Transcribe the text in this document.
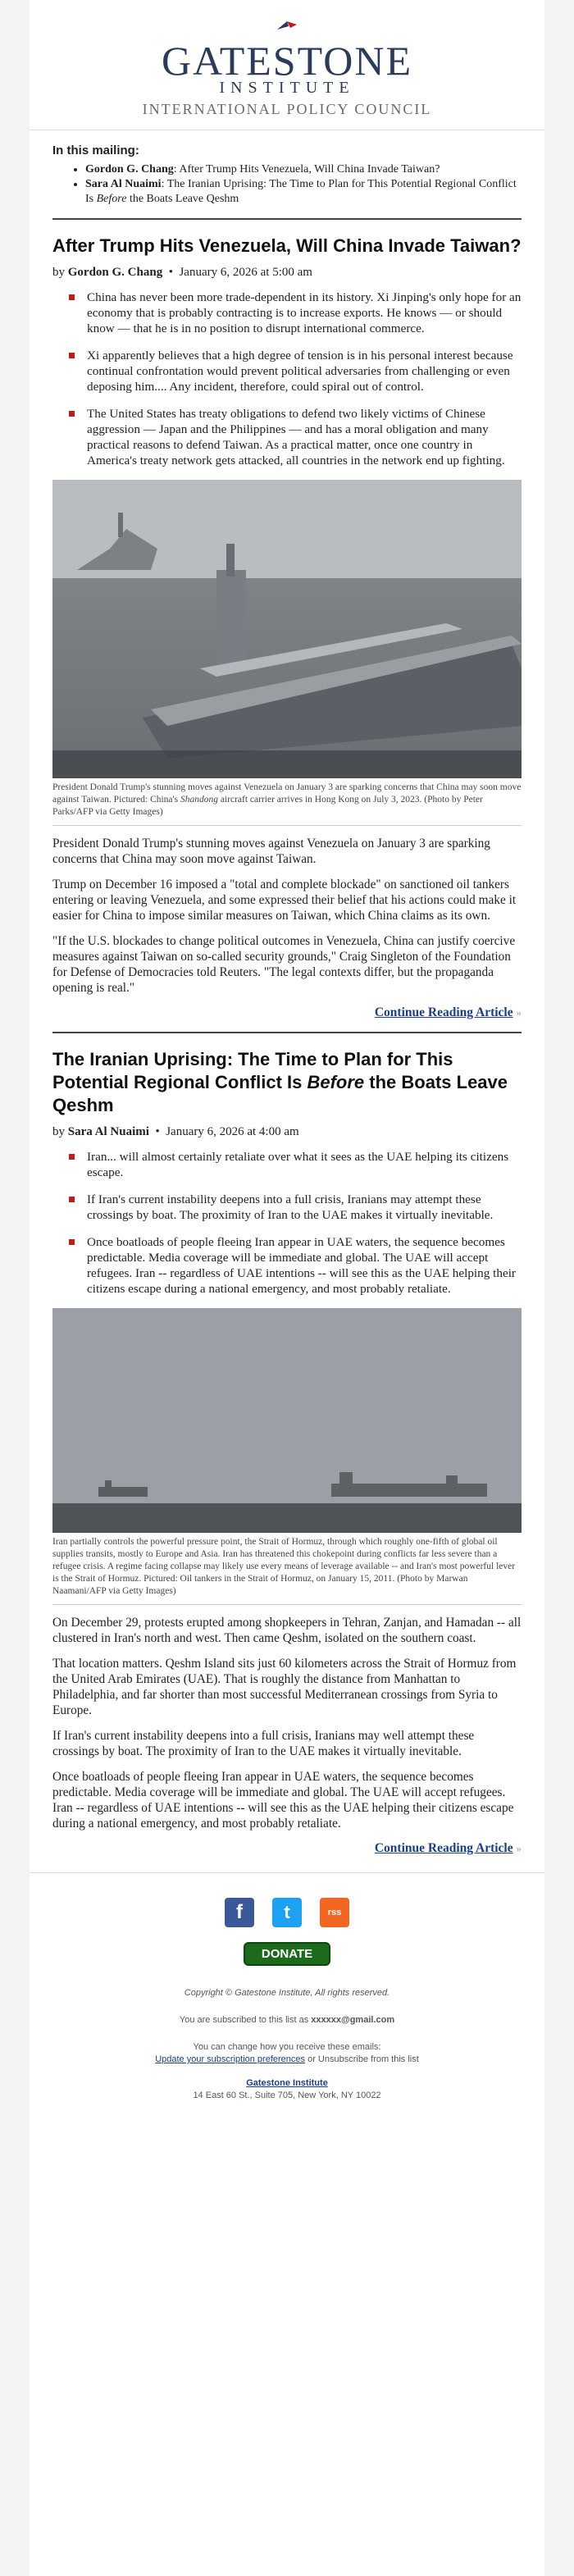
GATESTONE
INSTITUTE
INTERNATIONAL POLICY COUNCIL
In this mailing:
• Gordon G. Chang: After Trump Hits Venezuela, Will China Invade Taiwan?
• Sara Al Nuaimi: The Iranian Uprising: The Time to Plan for This Potential Regional Conflict Is Before the Boats Leave Qeshm
After Trump Hits Venezuela, Will China Invade Taiwan?
by Gordon G. Chang  •  January 6, 2026 at 5:00 am
China has never been more trade-dependent in its history. Xi Jinping's only hope for an economy that is probably contracting is to increase exports. He knows — or should know — that he is in no position to disrupt international commerce.
Xi apparently believes that a high degree of tension is in his personal interest because continual confrontation would prevent political adversaries from challenging or even deposing him.... Any incident, therefore, could spiral out of control.
The United States has treaty obligations to defend two likely victims of Chinese aggression — Japan and the Philippines — and has a moral obligation and many practical reasons to defend Taiwan. As a practical matter, once one country in America's treaty network gets attacked, all countries in the network end up fighting.
President Donald Trump's stunning moves against Venezuela on January 3 are sparking concerns that China may soon move against Taiwan. Pictured: China's Shandong aircraft carrier arrives in Hong Kong on July 3, 2023. (Photo by Peter Parks/AFP via Getty Images)

President Donald Trump's stunning moves against Venezuela on January 3 are sparking concerns that China may soon move against Taiwan.

Trump on December 16 imposed a "total and complete blockade" on sanctioned oil tankers entering or leaving Venezuela, and some expressed their belief that his actions could make it easier for China to impose similar measures on Taiwan, which China claims as its own.

"If the U.S. blockades to change political outcomes in Venezuela, China can justify coercive measures against Taiwan on so-called security grounds," Craig Singleton of the Foundation for Defense of Democracies told Reuters. "The legal contexts differ, but the propaganda opening is real."

Continue Reading Article »
The Iranian Uprising: The Time to Plan for This Potential Regional Conflict Is Before the Boats Leave Qeshm
by Sara Al Nuaimi  •  January 6, 2026 at 4:00 am
Iran... will almost certainly retaliate over what it sees as the UAE helping its citizens escape.
If Iran's current instability deepens into a full crisis, Iranians may attempt these crossings by boat. The proximity of Iran to the UAE makes it virtually inevitable.
Once boatloads of people fleeing Iran appear in UAE waters, the sequence becomes predictable. Media coverage will be immediate and global. The UAE will accept refugees. Iran -- regardless of UAE intentions -- will see this as the UAE helping their citizens escape during a national emergency, and most probably retaliate.
Iran partially controls the powerful pressure point, the Strait of Hormuz, through which roughly one-fifth of global oil supplies transits, mostly to Europe and Asia. Iran has threatened this chokepoint during conflicts far less severe than a refugee crisis. A regime facing collapse may likely use every means of leverage available -- and Iran's most powerful lever is the Strait of Hormuz. Pictured: Oil tankers in the Strait of Hormuz, on January 15, 2011. (Photo by Marwan Naamani/AFP via Getty Images)

On December 29, protests erupted among shopkeepers in Tehran, Zanjan, and Hamadan -- all clustered in Iran's north and west. Then came Qeshm, isolated on the southern coast.

That location matters. Qeshm Island sits just 60 kilometers across the Strait of Hormuz from the United Arab Emirates (UAE). That is roughly the distance from Manhattan to Philadelphia, and far shorter than most successful Mediterranean crossings from Syria to Europe.

If Iran's current instability deepens into a full crisis, Iranians may well attempt these crossings by boat. The proximity of Iran to the UAE makes it virtually inevitable.

Once boatloads of people fleeing Iran appear in UAE waters, the sequence becomes predictable. Media coverage will be immediate and global. The UAE will accept refugees. Iran -- regardless of UAE intentions -- will see this as the UAE helping their citizens escape during a national emergency, and most probably retaliate.

Continue Reading Article »
f	t	rss
DONATE
Copyright © Gatestone Institute, All rights reserved.
You are subscribed to this list as xxxxxx@gmail.com
You can change how you receive these emails:
Update your subscription preferences or Unsubscribe from this list
Gatestone Institute
14 East 60 St., Suite 705, New York, NY 10022
